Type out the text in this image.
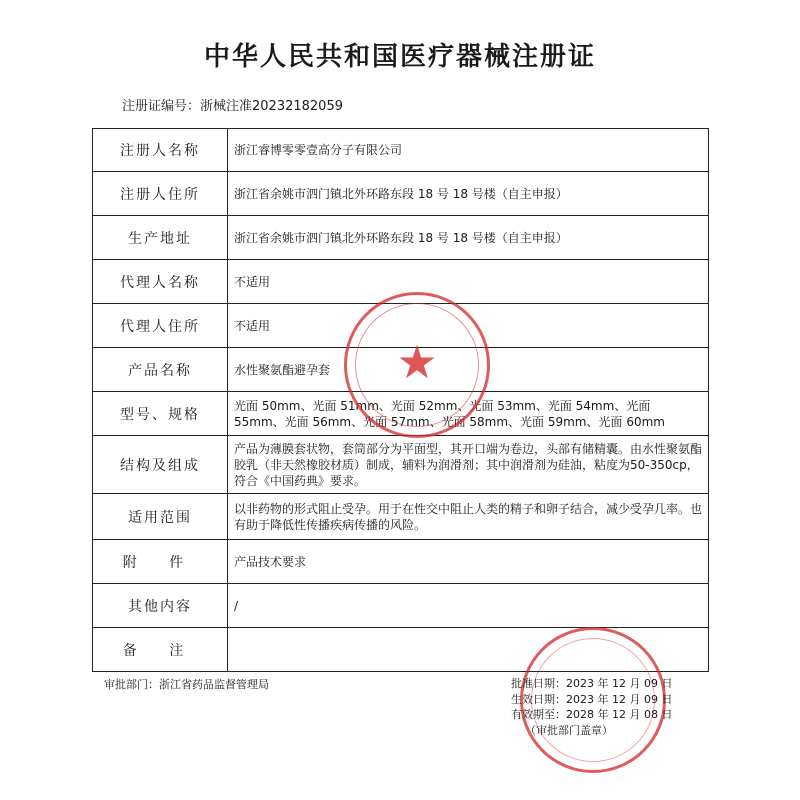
中华人民共和国医疗器械注册证
注册证编号：浙械注准20232182059
注册人名称	浙江睿博零零壹高分子有限公司
注册人住所	浙江省余姚市泗门镇北外环路东段 18 号 18 号楼（自主申报）
生产地址	浙江省余姚市泗门镇北外环路东段 18 号 18 号楼（自主申报）
代理人名称	不适用
代理人住所	不适用
产品名称	水性聚氨酯避孕套
型号、规格	光面 50mm、光面 51mm、光面 52mm、光面 53mm、光面 54mm、光面 55mm、光面 56mm、光面 57mm、光面 58mm、光面 59mm、光面 60mm
结构及组成	产品为薄膜套状物，套筒部分为平面型，其开口端为卷边，头部有储精囊。由水性聚氨酯胶乳（非天然橡胶材质）制成，辅料为润滑剂；其中润滑剂为硅油，粘度为50-350cp，符合《中国药典》要求。
适用范围	以非药物的形式阻止受孕。用于在性交中阻止人类的精子和卵子结合，减少受孕几率。也有助于降低性传播疾病传播的风险。
附 件	产品技术要求
其他内容	/
备 注	
★
审批部门：浙江省药品监督管理局	批准日期：2023 年 12 月 09 日
生效日期：2023 年 12 月 09 日
有效期至：2028 年 12 月 08 日
（审批部门盖章）
